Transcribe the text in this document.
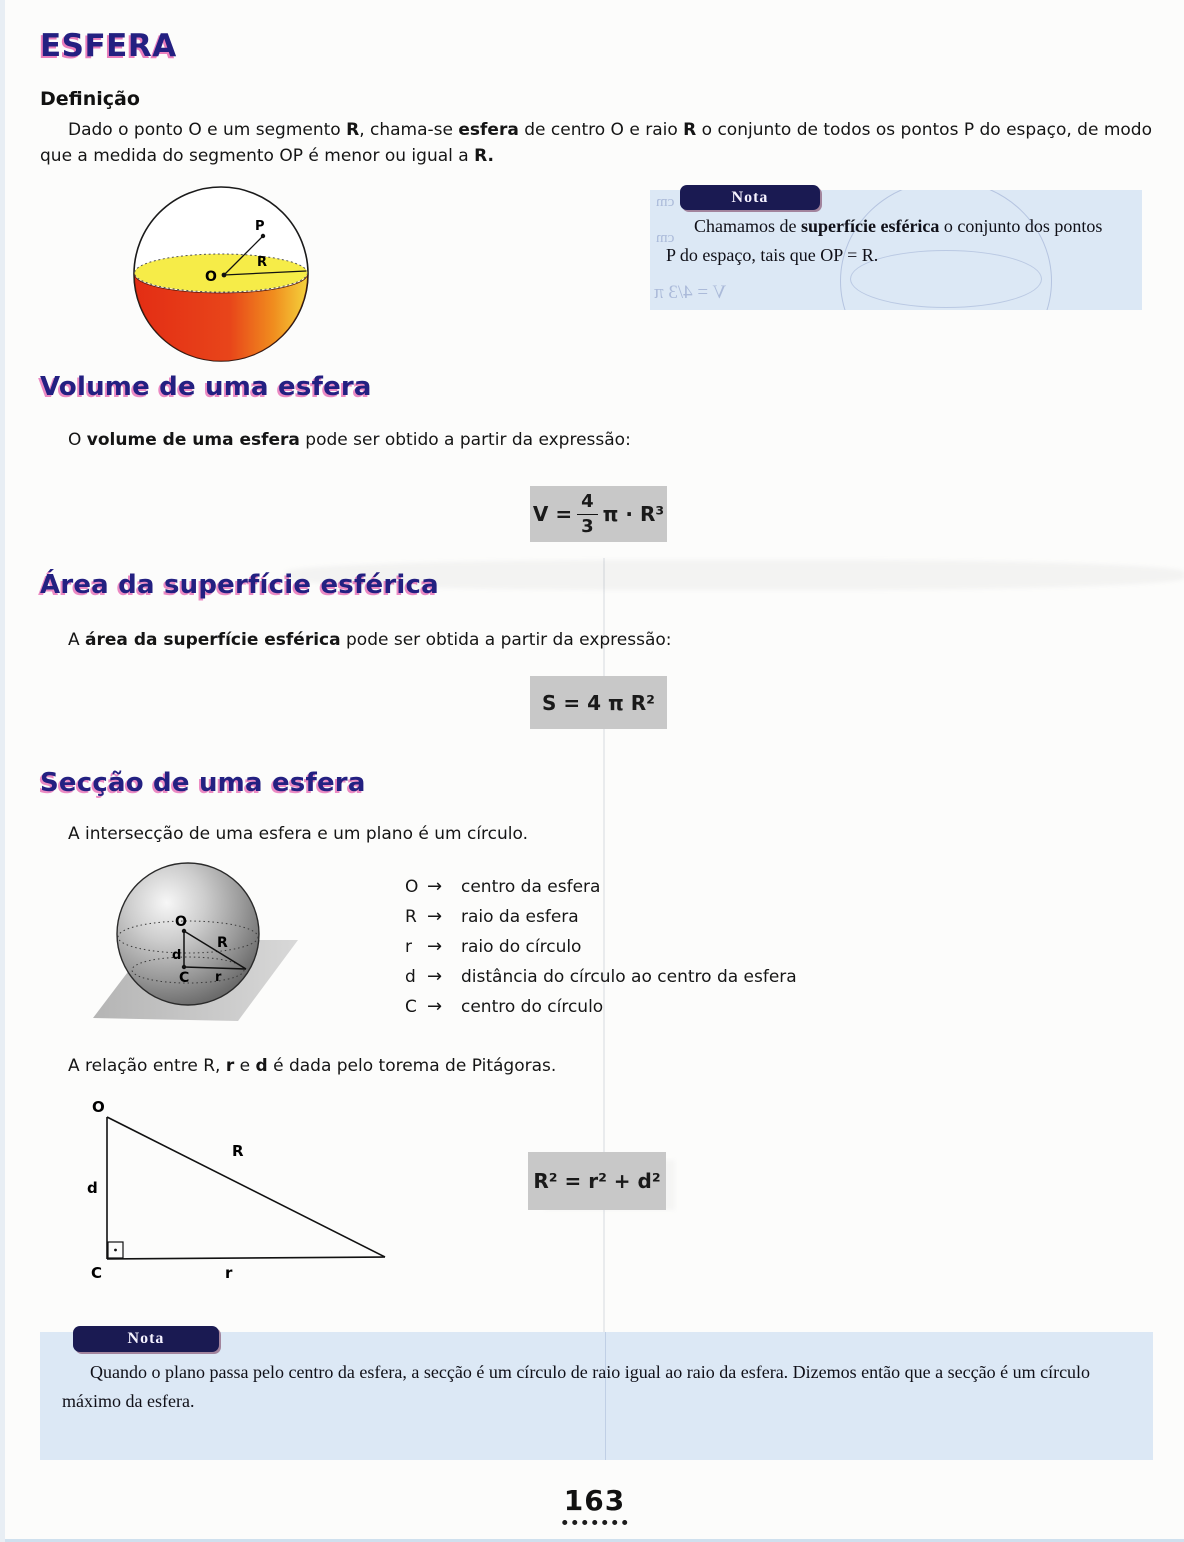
ESFERA
Definição

Dado o ponto O e um segmento R, chama-se esfera de centro O e raio R o conjunto de todos os pontos P do espaço, de modo que a medida do segmento OP é menor ou igual a R.

O
P
R
cm
cm
V = 4/3 π
Nota

Chamamos de superfície esférica o conjunto dos pontos P do espaço, tais que OP = R.

Volume de uma esfera

O volume de uma esfera pode ser obtido a partir da expressão:

$V = \frac{4}{3}$ π · R³
Área da superfície esférica

A área da superfície esférica pode ser obtida a partir da expressão:

S = 4 π R²
Secção de uma esfera

A intersecção de uma esfera e um plano é um círculo.

O
R
d
C r
O →	centro da esfera
R →	raio da esfera
r →	raio do círculo
d →	distância do círculo ao centro da esfera
C →	centro do círculo

A relação entre R, r e d é dada pelo torema de Pitágoras.

O
R
d
C	r
R² = r² + d²
Nota

Quando o plano passa pelo centro da esfera, a secção é um círculo de raio igual ao raio da esfera. Dizemos então que a secção é um círculo máximo da esfera.

163
